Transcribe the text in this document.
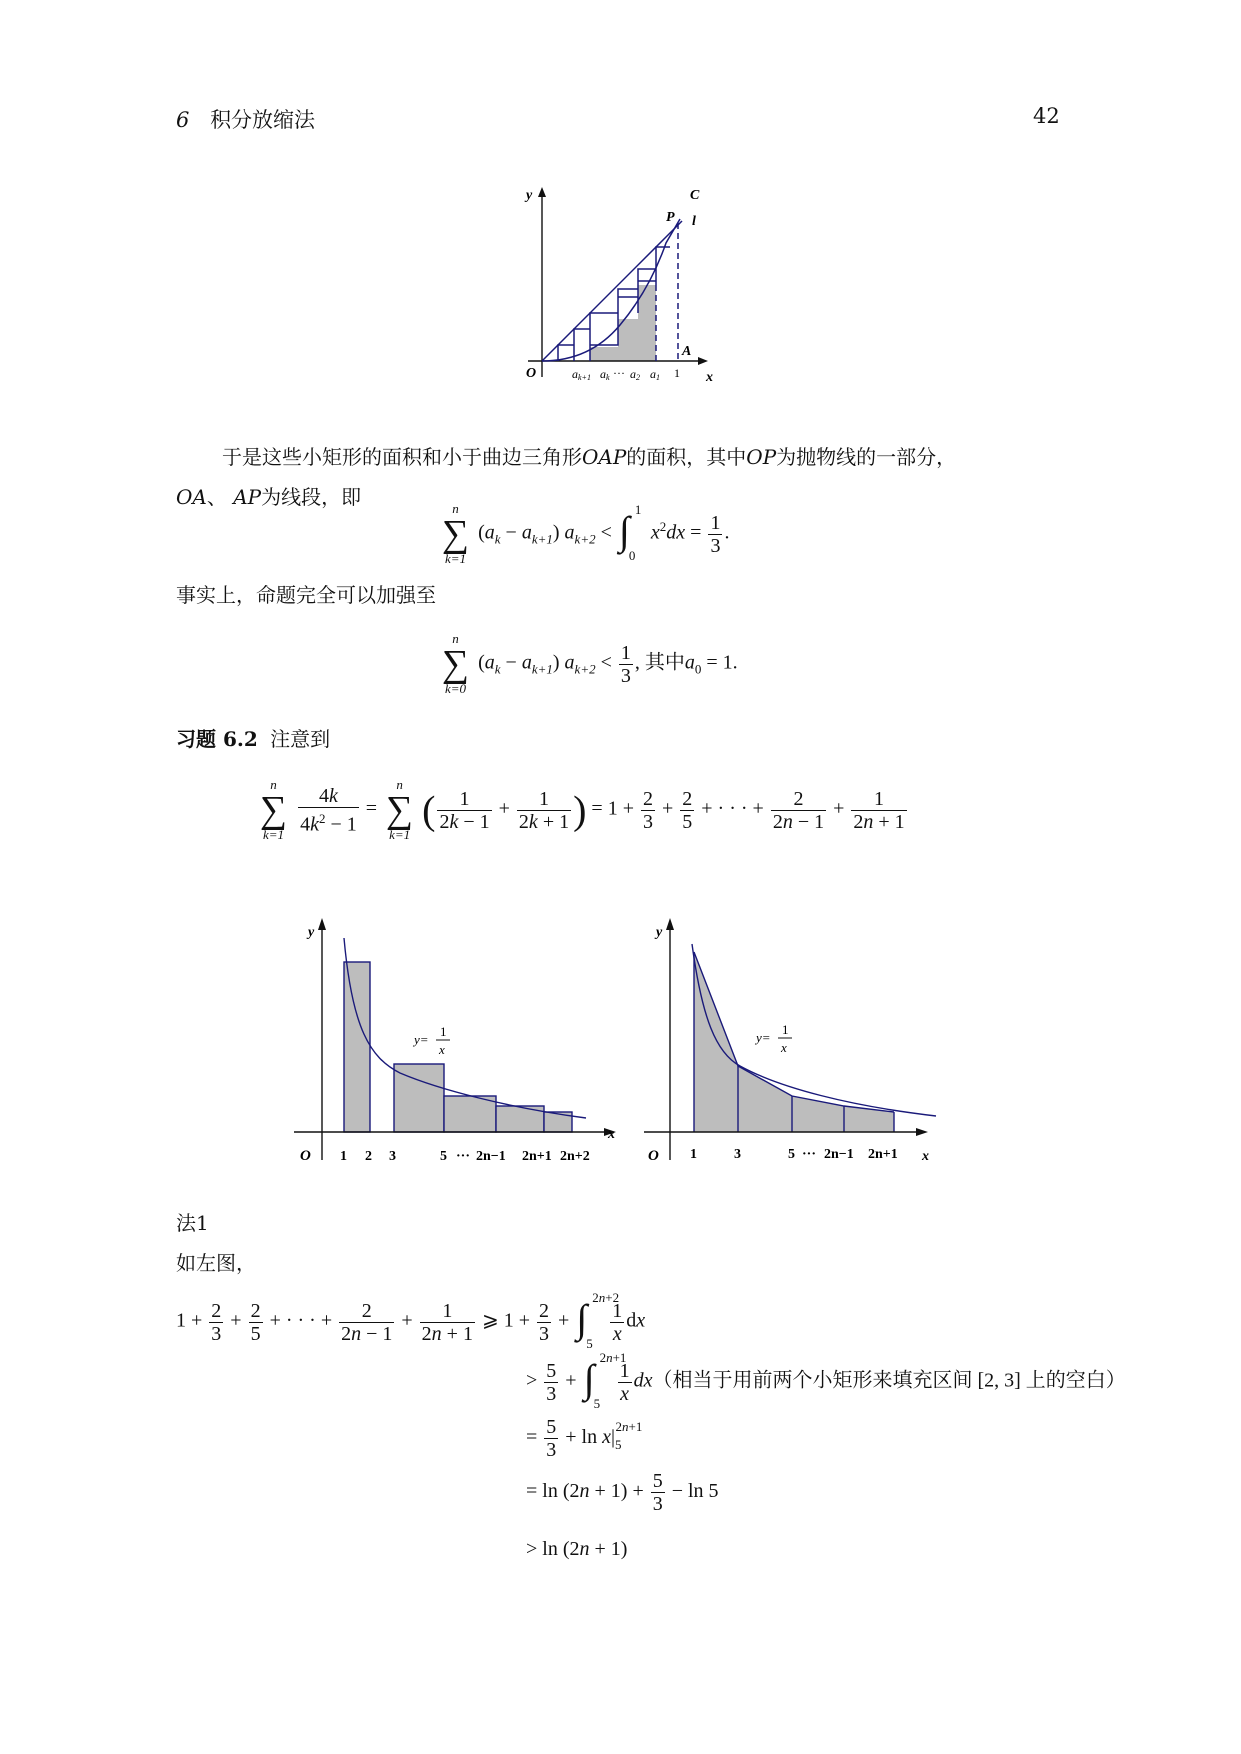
6 积分放缩法	42
y	C
P l
A
O	x
ak+1 ak ··· a2 a1 1
于是这些小矩形的面积和小于曲边三角形OAP的面积，其中OP为抛物线的一部分，
OA、 AP为线段，即	n
∑
k=1
$(a_k - a_{k+1}) a_{k+2}$ < ∫ 1
0
$x^2dx = \frac{1}{3}$ .
事实上，命题完全可以加强至
n
∑
k=0
$(a_k - a_{k+1}) a_{k+2} < \frac{1}{3}$ , 其中$a_0 = 1$.
习题 6.2 注意到
n
∑
k=1
$\frac{4k}{4k^2 - 1}$ =
n
∑
k=1
( $\frac{1}{2k - 1} + \frac{1}{2k + 1}$ ) = $1 + \frac{2}{3} + \frac{2}{5}$ + · · · + $\frac{2}{2n - 1} + \frac{1}{2n + 1}$
y
x
O
y=
1
x
1 2 3	5 ··· 2n−1 2n+1 2n+2
y
x
O
y=
1
x
1	3	5 ··· 2n−1 2n+1
法1
如左图，
$1 + \frac{2}{3} + \frac{2}{5}$ + · · · + $\frac{2}{2n - 1} + \frac{1}{2n + 1}$ ⩾ $1 + \frac{2}{3}$ + ∫ 2n+2
$5 \frac{1}{x}$ dx
> $\frac{5}{3}$ + ∫ 2n+1
$5 \frac{1}{x} dx$（相当于用前两个小矩形来填充区间 [2, 3] 上的空白）
= $\frac{5}{3} + \ln x|_5^{2n+1}$
= $\ln (2n + 1) + \frac{5}{3} - \ln 5$
> ln (2n + 1)
